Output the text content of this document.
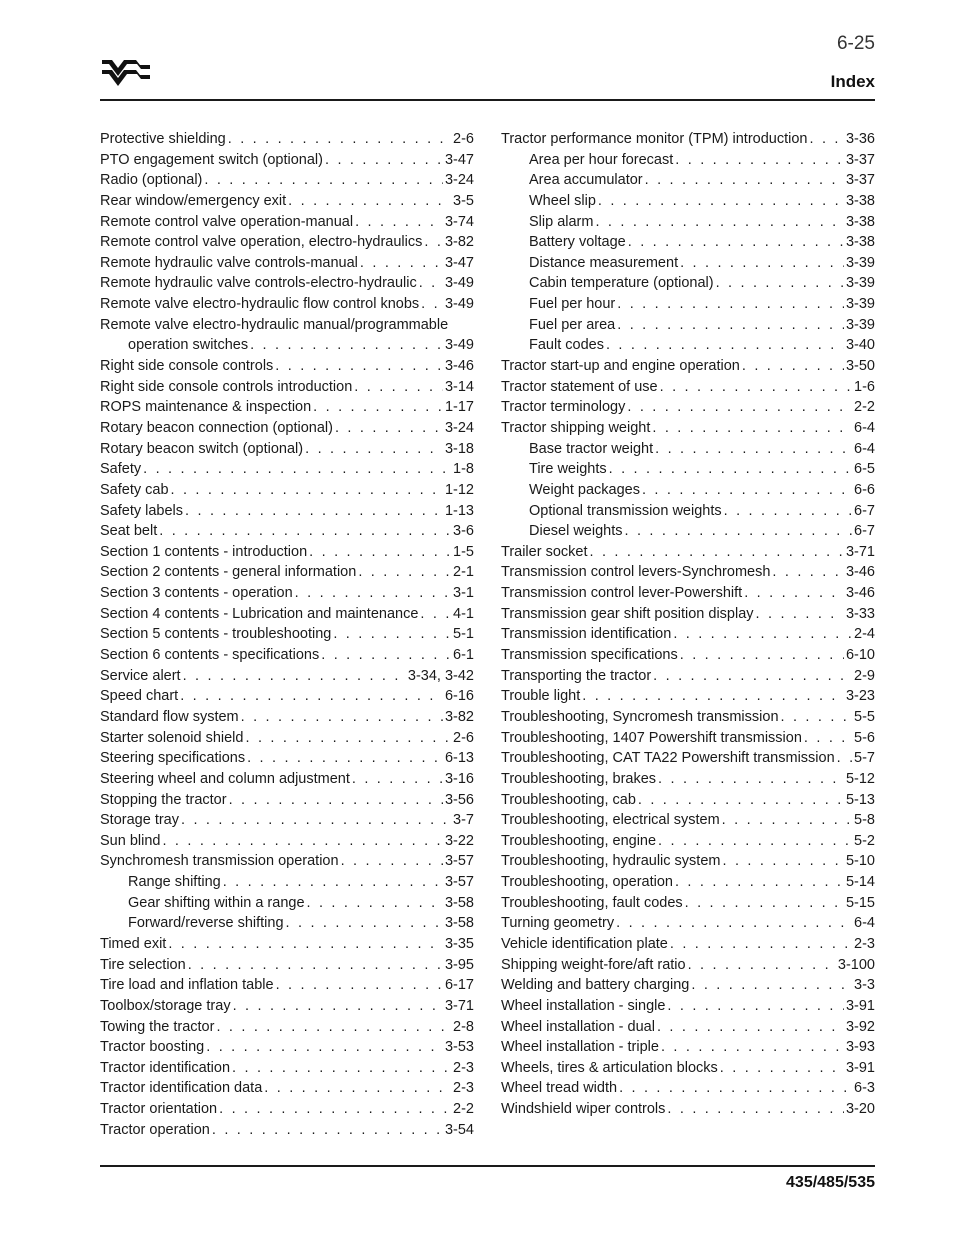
6-25
Index
Protective shielding . . .	2-6
PTO engagement switch (optional) . . .	3-47
Radio (optional) . . .	3-24
Rear window/emergency exit . . .	3-5
Remote control valve operation-manual . . .	3-74
Remote control valve operation, electro-hydraulics . . . 3-82
Remote hydraulic valve controls-manual . . .	3-47
Remote hydraulic valve controls-electro-hydraulic . . . 3-49
Remote valve electro-hydraulic flow control knobs . . . 3-49
Remote valve electro-hydraulic manual/programmable
operation switches . . .	3-49
Right side console controls . . .	3-46
Right side console controls introduction . . .	3-14
ROPS maintenance & inspection . . .	1-17
Rotary beacon connection (optional) . . .	3-24
Rotary beacon switch (optional) . . .	3-18
Safety . . .	1-8
Safety cab . . .	1-12
Safety labels . . .	1-13
Seat belt . . .	3-6
Section 1 contents - introduction . . .	1-5
Section 2 contents - general information . . .	2-1
Section 3 contents - operation . . .	3-1
Section 4 contents - Lubrication and maintenance . . . 4-1
Section 5 contents - troubleshooting . . .	5-1
Section 6 contents - specifications . . .	6-1
Service alert . . .	3-34, 3-42
Speed chart . . .	6-16
Standard flow system . . .	3-82
Starter solenoid shield . . .	2-6
Steering specifications . . .	6-13
Steering wheel and column adjustment . . .	3-16
Stopping the tractor . . .	3-56
Storage tray . . .	3-7
Sun blind . . .	3-22
Synchromesh transmission operation . . .	3-57
Range shifting . . .	3-57
Gear shifting within a range . . .	3-58
Forward/reverse shifting . . .	3-58
Timed exit . . .	3-35
Tire selection . . .	3-95
Tire load and inflation table . . .	6-17
Toolbox/storage tray . . .	3-71
Towing the tractor . . .	2-8
Tractor boosting . . .	3-53
Tractor identification . . .	2-3
Tractor identification data . . .	2-3
Tractor orientation . . .	2-2
Tractor operation . . .	3-54
Tractor performance monitor (TPM) introduction . . .	3-36
Area per hour forecast . . .	3-37
Area accumulator . . .	3-37
Wheel slip . . .	3-38
Slip alarm . . .	3-38
Battery voltage . . .	3-38
Distance measurement . . .	3-39
Cabin temperature (optional) . . .	3-39
Fuel per hour . . .	3-39
Fuel per area . . .	3-39
Fault codes . . .	3-40
Tractor start-up and engine operation . . .	3-50
Tractor statement of use . . .	1-6
Tractor terminology . . .	2-2
Tractor shipping weight . . .	6-4
Base tractor weight . . .	6-4
Tire weights . . .	6-5
Weight packages . . .	6-6
Optional transmission weights . . .	6-7
Diesel weights . . .	6-7
Trailer socket . . .	3-71
Transmission control levers-Synchromesh . . .	3-46
Transmission control lever-Powershift . . .	3-46
Transmission gear shift position display . . .	3-33
Transmission identification . . .	2-4
Transmission specifications . . .	6-10
Transporting the tractor . . .	2-9
Trouble light . . .	3-23
Troubleshooting, Syncromesh transmission . . .	5-5
Troubleshooting, 1407 Powershift transmission . . .	5-6
Troubleshooting, CAT TA22 Powershift transmission . . . 5-7
Troubleshooting, brakes . . .	5-12
Troubleshooting, cab . . .	5-13
Troubleshooting, electrical system . . .	5-8
Troubleshooting, engine . . .	5-2
Troubleshooting, hydraulic system . . .	5-10
Troubleshooting, operation . . .	5-14
Troubleshooting, fault codes . . .	5-15
Turning geometry . . .	6-4
Vehicle identification plate . . .	2-3
Shipping weight-fore/aft ratio . . .	3-100
Welding and battery charging . . .	3-3
Wheel installation - single . . .	3-91
Wheel installation - dual . . .	3-92
Wheel installation - triple . . .	3-93
Wheels, tires & articulation blocks . . .	3-91
Wheel tread width . . .	6-3
Windshield wiper controls . . .	3-20
435/485/535
